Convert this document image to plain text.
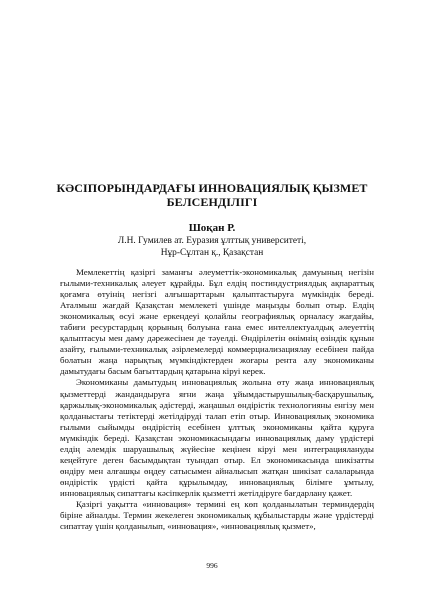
КӘСІПОРЫНДАРДАҒЫ ИННОВАЦИЯЛЫҚ ҚЫЗМЕТ
БЕЛСЕНДІЛІГІ
Шоқан Р.
Л.Н. Гумилев ат. Еуразия ұлттық университеті,
Нұр-Сұлтан қ., Қазақстан

Мемлекеттің қазіргі заманғы әлеуметтік-экономикалық дамуының негізін ғылыми-техникалық әлеует құрайды. Бұл елдің постиндустриялдық ақпараттық қоғамға өтуінің негізгі алғышарттарын қалыптастыруға мүмкіндік береді. Аталмыш жағдай Қазақстан мемлекеті үшінде маңызды болып отыр. Елдің экономикалық өсуі және еркендеуі қолайлы географиялық орналасу жағдайы, табиғи ресурстардың қорының болуына ғана емес интеллектуалдық әлеуеттің қалыптасуы мен даму дәрежесінен де тәуелді. Өндірілетін өнімнің өзіндік құнын азайту, ғылыми-техникалық әзірлемелерді коммерциализациялау есебінен пайда болатын жаңа нарықтық мүмкіндіктерден жоғары рента алу экономиканы дамытудағы басым бағыттардың қатарына кіруі керек.

Экономиканы дамытудың инновациялық жолына өту жаңа инновациялық қызметтерді жандандыруға яғни жаңа ұйымдастырушылық-басқарушылық, қаржылық-экономикалық әдістерді, жаңашыл өндірістік технологияны енгізу мен қолданыстағы тетіктерді жетілдіруді талап етіп отыр. Инновациялық экономика ғылыми сыйымды өндірістің есебінен ұлттық экономиканы қайта құруға мүмкіндік береді. Қазақстан экономикасындағы инновациялық даму үрдістері елдің әлемдік шаруашылық жүйесіне кеңінен кіруі мен интеграциялануды кеңейтуге деген басымдықтан туындап отыр. Ел экономикасында шикізатты өндіру мен алғашқы өңдеу сатысымен айналысып жатқан шикізат салаларында өндірістік үрдісті қайта құрылымдау, инновациялық білімге ұмтылу, инновациялық сипаттағы кәсіпкерлік қызметті жетілдіруге бағдарлану қажет.

Қазіргі уақытта «инновация» термині ең көп қолданылатын терминдердің біріне айналды. Термин жекелеген экономикалық құбылыстарды және үрдістерді сипаттау үшін қолданылып, «инновация», «инновациялық қызмет»,

996
